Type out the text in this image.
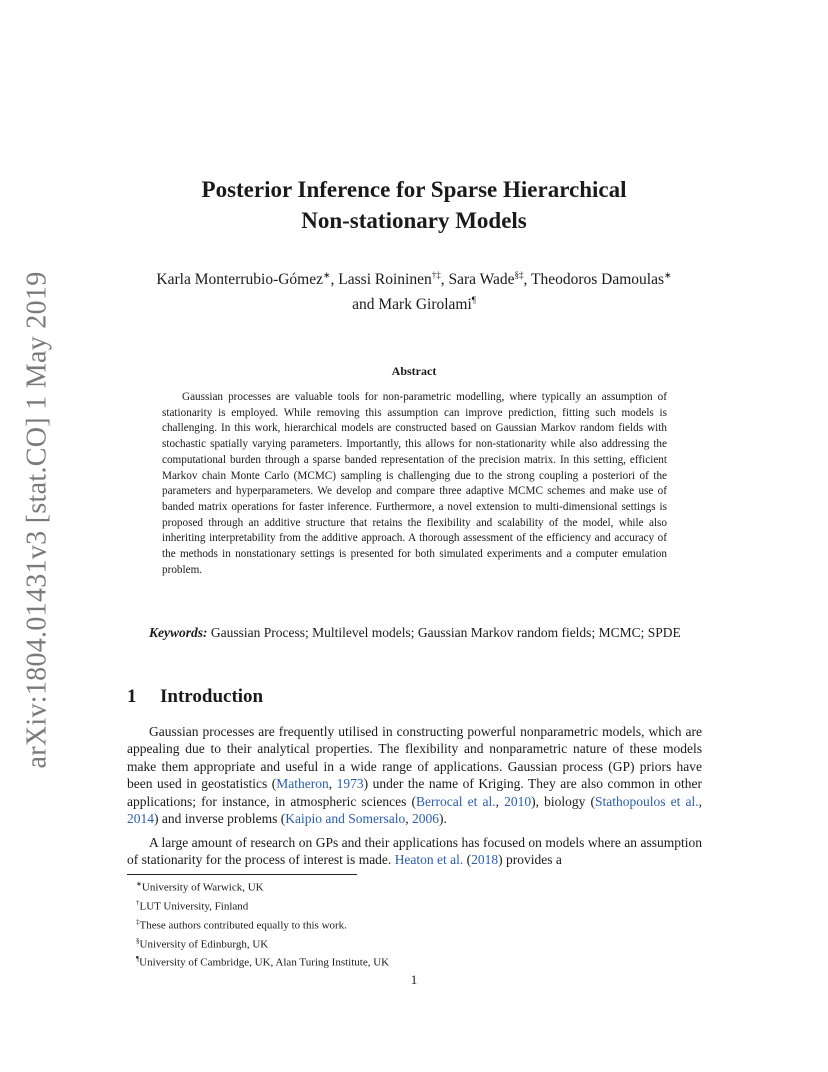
arXiv:1804.01431v3 [stat.CO] 1 May 2019
Posterior Inference for Sparse Hierarchical
Non-stationary Models
Karla Monterrubio-Gómez∗, Lassi Roininen†‡, Sara Wade§‡, Theodoros Damoulas∗
and Mark Girolami¶
Abstract
Gaussian processes are valuable tools for non-parametric modelling, where typically an assumption of stationarity is employed. While removing this assumption can improve prediction, fitting such models is challenging. In this work, hierarchical models are constructed based on Gaussian Markov random fields with stochastic spatially varying parameters. Importantly, this allows for non-stationarity while also addressing the computational burden through a sparse banded representation of the precision matrix. In this setting, efficient Markov chain Monte Carlo (MCMC) sampling is challenging due to the strong coupling a posteriori of the parameters and hyperparameters. We develop and compare three adaptive MCMC schemes and make use of banded matrix operations for faster inference. Furthermore, a novel extension to multi-dimensional settings is proposed through an additive structure that retains the flexibility and scalability of the model, while also inheriting interpretability from the additive approach. A thorough assessment of the efficiency and accuracy of the methods in nonstationary settings is presented for both simulated experiments and a computer emulation problem.
Keywords: Gaussian Process; Multilevel models; Gaussian Markov random fields; MCMC; SPDE
1 Introduction
Gaussian processes are frequently utilised in constructing powerful nonparametric models, which are appealing due to their analytical properties. The flexibility and nonparametric nature of these models make them appropriate and useful in a wide range of applications. Gaussian process (GP) priors have been used in geostatistics (Matheron, 1973) under the name of Kriging. They are also common in other applications; for instance, in atmospheric sciences (Berrocal et al., 2010), biology (Stathopoulos et al., 2014) and inverse problems (Kaipio and Somersalo, 2006).
A large amount of research on GPs and their applications has focused on models where an assumption of stationarity for the process of interest is made. Heaton et al. (2018) provides a
∗University of Warwick, UK
†LUT University, Finland
‡These authors contributed equally to this work.
§University of Edinburgh, UK
¶University of Cambridge, UK, Alan Turing Institute, UK
1
